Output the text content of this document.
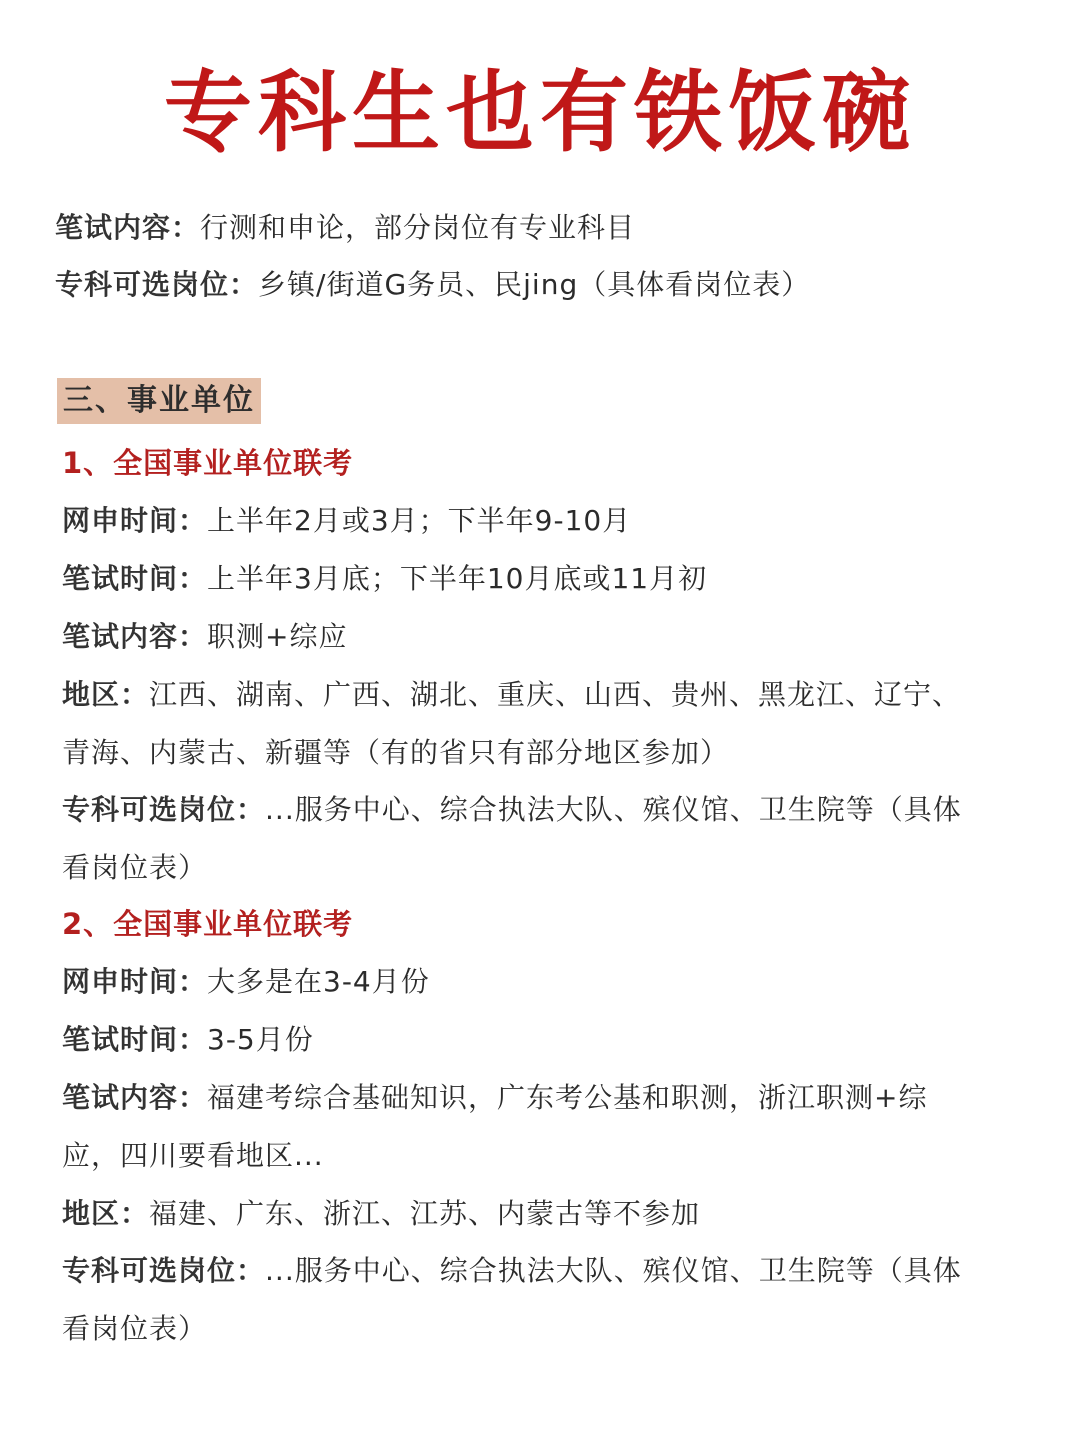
专科生也有铁饭碗
笔试内容：行测和申论，部分岗位有专业科目
专科可选岗位：乡镇/街道G务员、民jing（具体看岗位表）
三、事业单位
1、全国事业单位联考
网申时间：上半年2月或3月；下半年9-10月
笔试时间：上半年3月底；下半年10月底或11月初
笔试内容：职测+综应
地区：江西、湖南、广西、湖北、重庆、山西、贵州、黑龙江、辽宁、
青海、内蒙古、新疆等（有的省只有部分地区参加）
专科可选岗位：...服务中心、综合执法大队、殡仪馆、卫生院等（具体
看岗位表）
2、全国事业单位联考
网申时间：大多是在3-4月份
笔试时间：3-5月份
笔试内容：福建考综合基础知识，广东考公基和职测，浙江职测+综
应，四川要看地区...
地区：福建、广东、浙江、江苏、内蒙古等不参加
专科可选岗位：...服务中心、综合执法大队、殡仪馆、卫生院等（具体
看岗位表）
